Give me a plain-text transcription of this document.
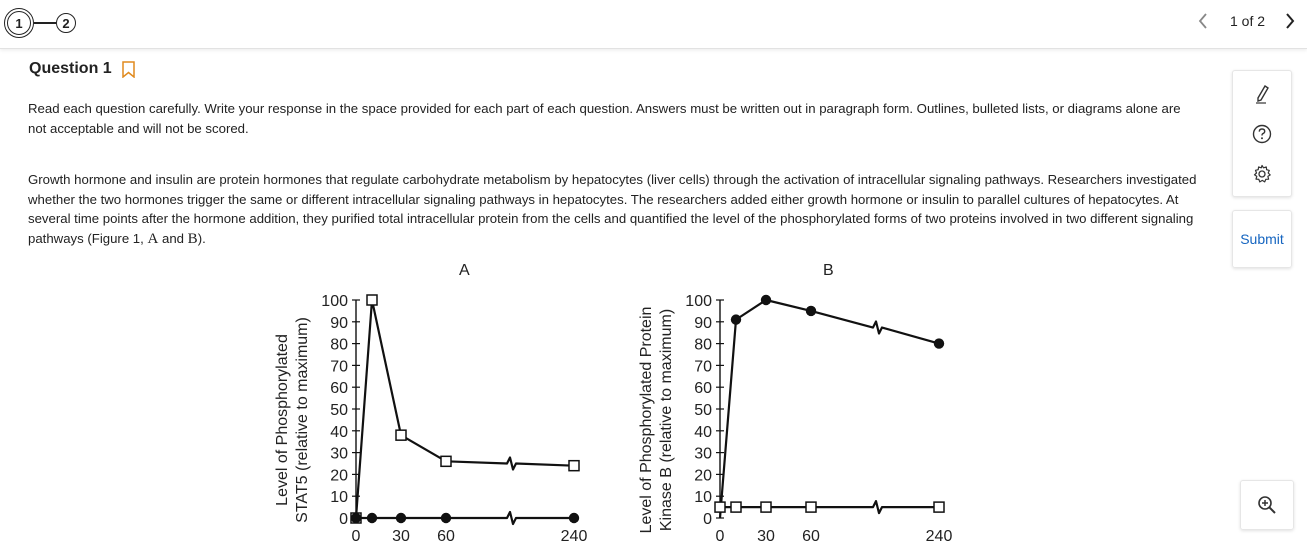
1	2	1 of 2
Question 1
Read each question carefully. Write your response in the space provided for each part of each question. Answers must be written out in paragraph form. Outlines, bulleted lists, or diagrams alone are not acceptable and will not be scored.
Growth hormone and insulin are protein hormones that regulate carbohydrate metabolism by hepatocytes (liver cells) through the activation of intracellular signaling pathways. Researchers investigated whether the two hormones trigger the same or different intracellular signaling pathways in hepatocytes. The researchers added either growth hormone or insulin to parallel cultures of hepatocytes. At several time points after the hormone addition, they purified total intracellular protein from the cells and quantified the level of the phosphorylated forms of two proteins involved in two different signaling pathways (Figure 1, A and B).	Submit
A	B
0
10
20
30
40
50
60
70
80
90
100
0 30 60	240
Level of Phosphorylated STAT5 (relative to maximum)	0
10
20
30
40
50
60
70
80
90
100
0 30 60	240
Level of Phosphorylated Protein Kinase B (relative to maximum)
